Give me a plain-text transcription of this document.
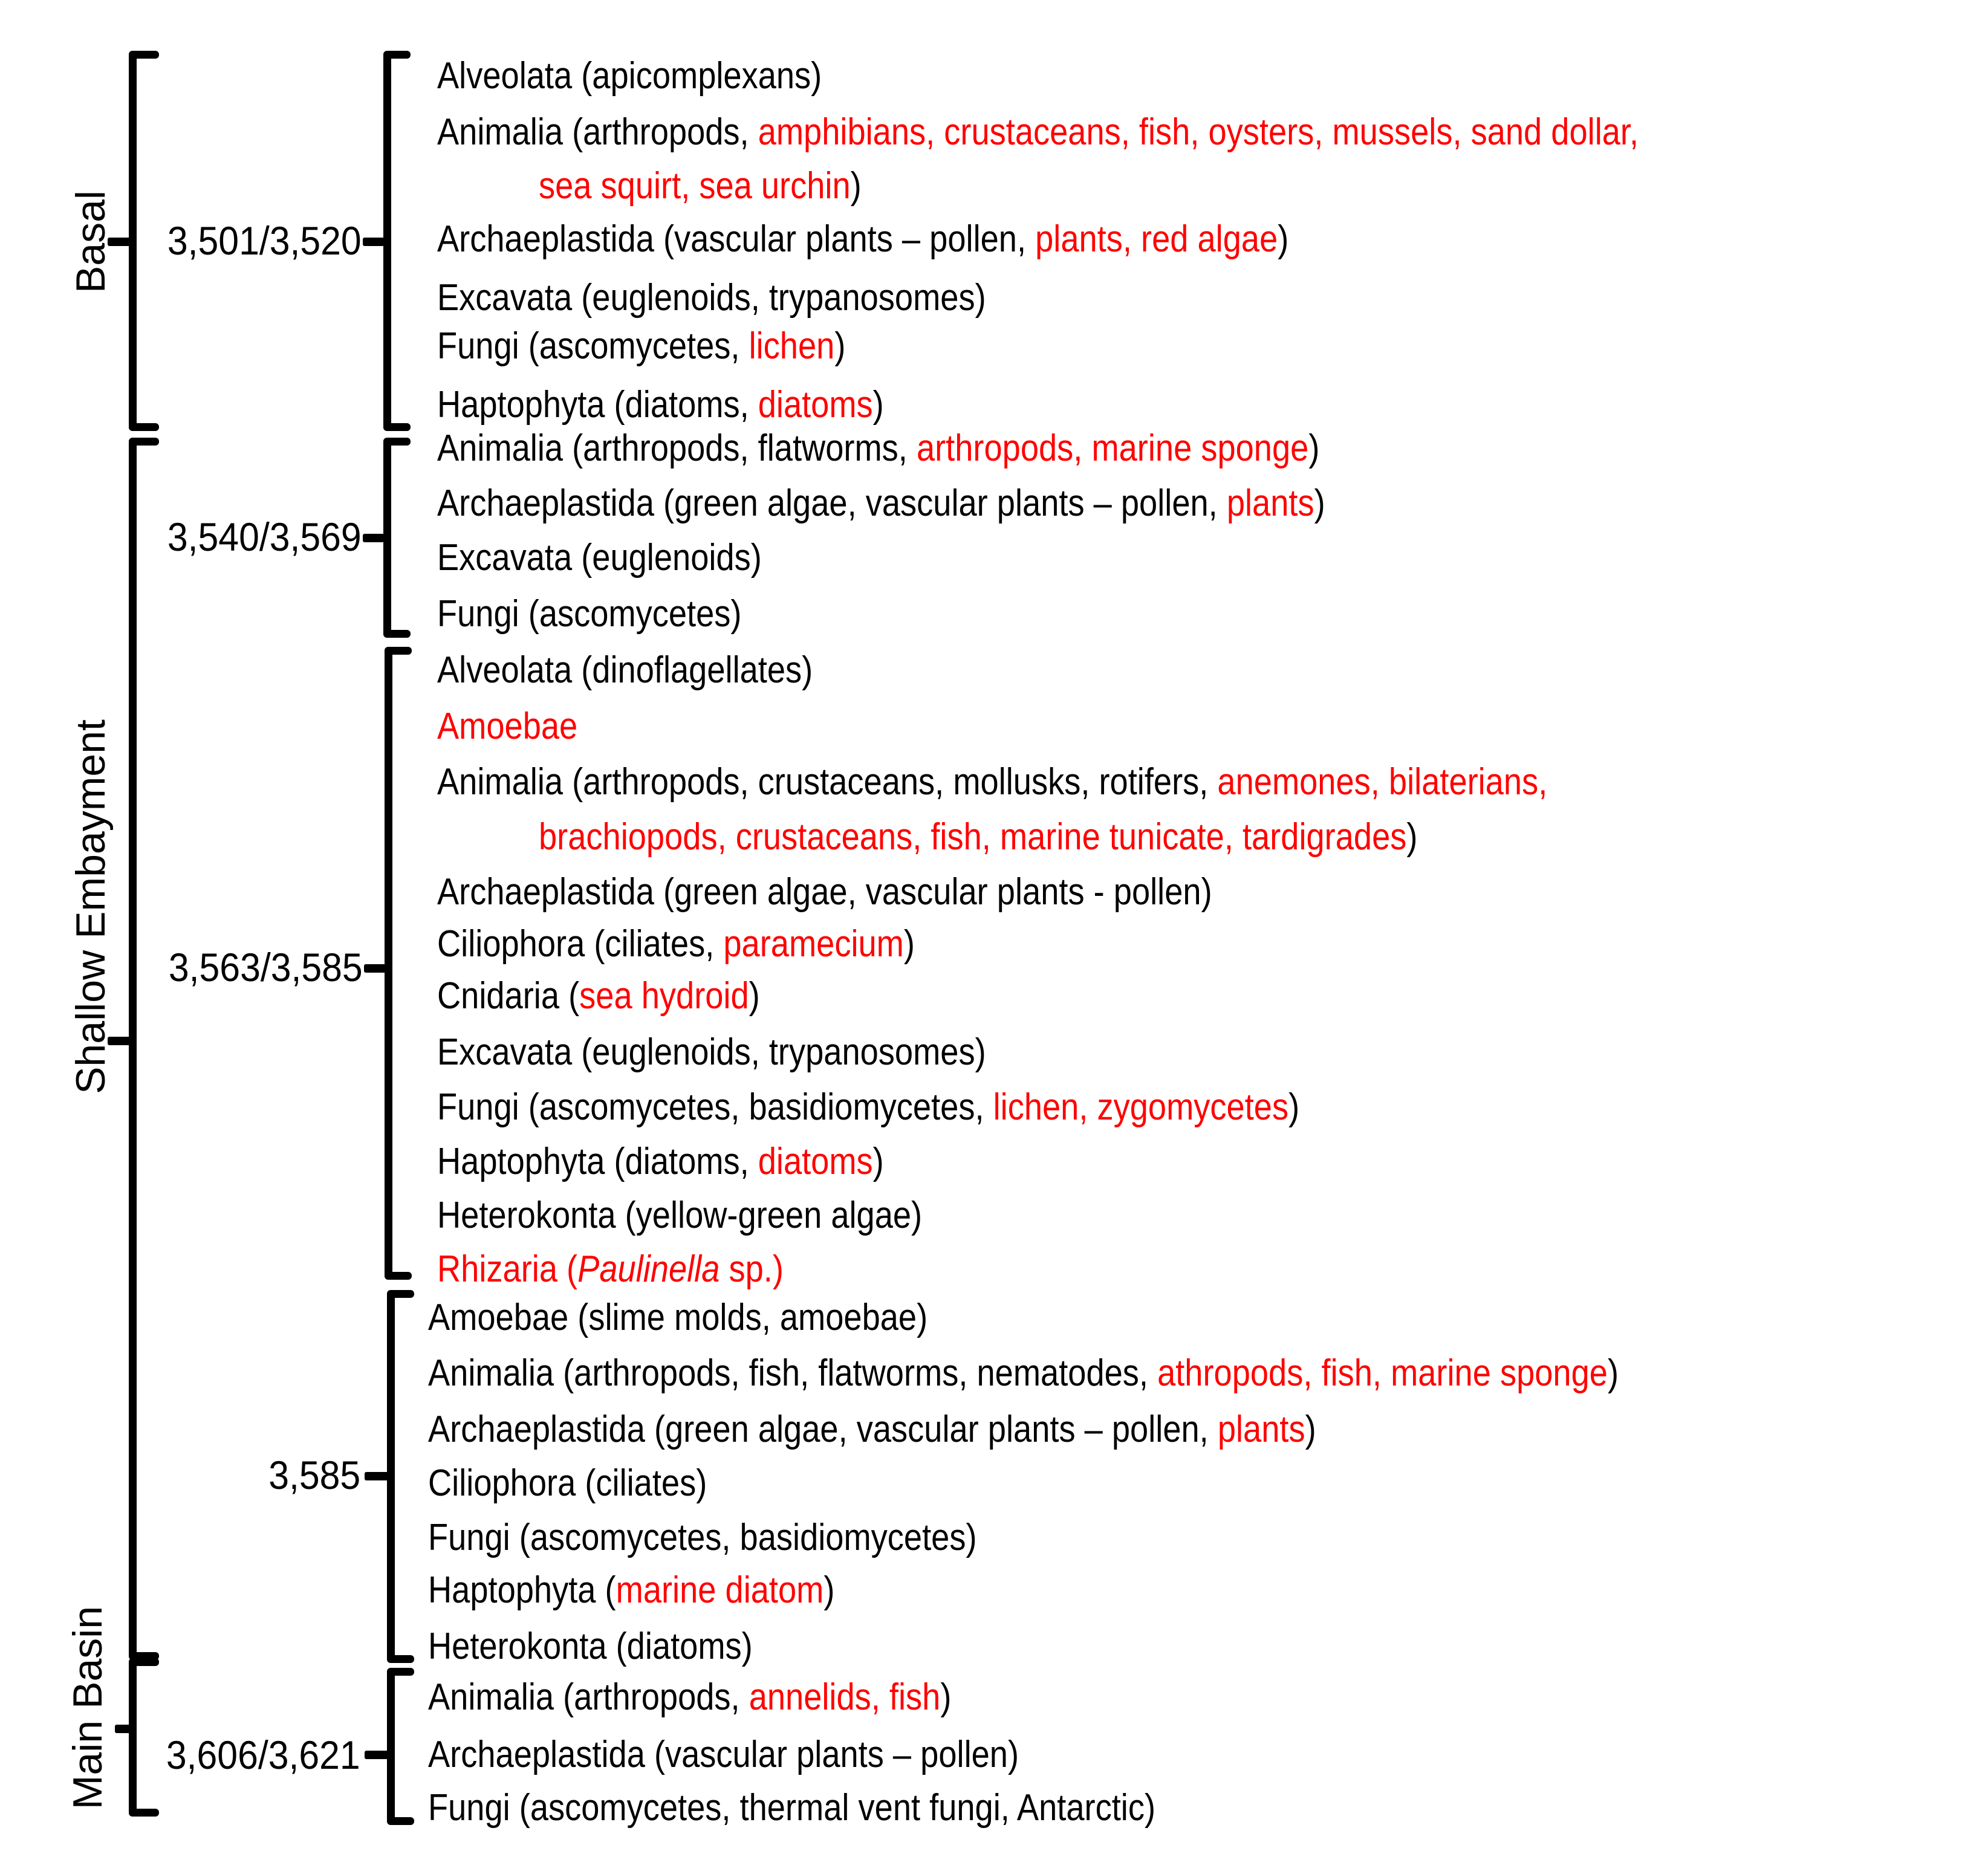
Basal
Shallow Embayment
Main Basin
3,501/3,520
3,540/3,569
3,563/3,585
3,585
3,606/3,621
Alveolata (apicomplexans)
Animalia (arthropods, amphibians, crustaceans, fish, oysters, mussels, sand dollar,
sea squirt, sea urchin)
Archaeplastida (vascular plants – pollen, plants, red algae)
Excavata (euglenoids, trypanosomes)
Fungi (ascomycetes, lichen)
Haptophyta (diatoms, diatoms)
Animalia (arthropods, flatworms, arthropods, marine sponge)
Archaeplastida (green algae, vascular plants – pollen, plants)
Excavata (euglenoids)
Fungi (ascomycetes)
Alveolata (dinoflagellates)
Amoebae
Animalia (arthropods, crustaceans, mollusks, rotifers, anemones, bilaterians,
brachiopods, crustaceans, fish, marine tunicate, tardigrades)
Archaeplastida (green algae, vascular plants - pollen)
Ciliophora (ciliates, paramecium)
Cnidaria (sea hydroid)
Excavata (euglenoids, trypanosomes)
Fungi (ascomycetes, basidiomycetes, lichen, zygomycetes)
Haptophyta (diatoms, diatoms)
Heterokonta (yellow-green algae)
Rhizaria (Paulinella sp.)
Amoebae (slime molds, amoebae)
Animalia (arthropods, fish, flatworms, nematodes, athropods, fish, marine sponge)
Archaeplastida (green algae, vascular plants – pollen, plants)
Ciliophora (ciliates)
Fungi (ascomycetes, basidiomycetes)
Haptophyta (marine diatom)
Heterokonta (diatoms)
Animalia (arthropods, annelids, fish)
Archaeplastida (vascular plants – pollen)
Fungi (ascomycetes, thermal vent fungi, Antarctic)
